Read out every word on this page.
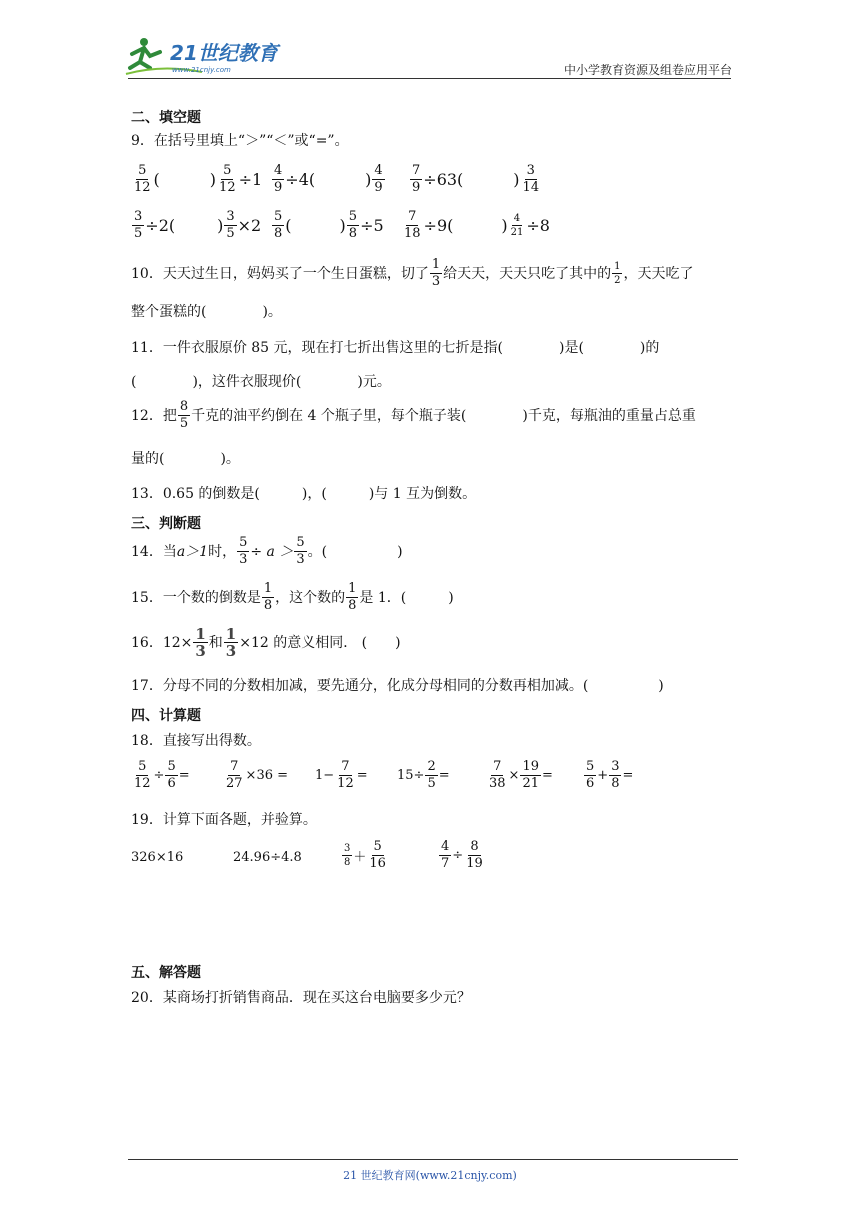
21世纪教育
www.21cnjy.com	中小学教育资源及组卷应用平台
二、填空题
9．在括号里填上“＞”“＜”或“=”。
$\frac{5}{12}$ (	) $\frac{5}{12} \div 1 \frac{4}{9} \div 4$(	) $\frac{4}{9} \frac{7}{9} \div 63$(	) $\frac{3}{14}$
$\frac{3}{5} \div 2$(	) $\frac{3}{5} \times 2 \frac{5}{8}$ (	) $\frac{5}{8} \div 5 \frac{7}{18} \div 9$(	) $\frac{4}{21} \div 8$
10．天天过生日，妈妈买了一个生日蛋糕，切了 $\frac{1}{3}$ 给天天，天天只吃了其中的 $\frac{1}{2}$ ，天天吃了
整个蛋糕的(　　　　)。
11．一件衣服原价 85 元，现在打七折出售这里的七折是指(　　　　)是(　　　　)的
(　　　　)，这件衣服现价(　　　　)元。
12．把 $\frac{8}{5}$ 千克的油平约倒在 4 个瓶子里，每个瓶子装(　　　　)千克，每瓶油的重量占总重
量的(　　　　)。
13．0.65 的倒数是(　　　)，(　　　)与 1 互为倒数。
三、判断题
14．当 a＞1 时， $\frac{5}{3} \div a > \frac{5}{3}$ 。(　　　　　)
15．一个数的倒数是 $\frac{1}{8}$ ，这个数的 $\frac{1}{8}$ 是 1．(　　　)
16．$12\times \frac{1}{3}$ 和 $\frac{1}{3} \times 12$ 的意义相同． (　　)
17．分母不同的分数相加减，要先通分，化成分母相同的分数再相加减。(　　　　　)
四、计算题
18．直接写出得数。
$\frac{5}{12} \div \frac{5}{6}$ =	$\frac{7}{27} \times 36 = 1- \frac{7}{12} = 15\div \frac{2}{5}$ =	$\frac{7}{38} \times \frac{19}{21} = \frac{5}{6} + \frac{3}{8}$ =
19．计算下面各题，并验算。
326×16	24.96÷4.8	$\frac{3}{8} + \frac{5}{16}$	$\frac{4}{7} \div \frac{8}{19}$
五、解答题
20．某商场打折销售商品．现在买这台电脑要多少元？
21 世纪教育网(www.21cnjy.com)
